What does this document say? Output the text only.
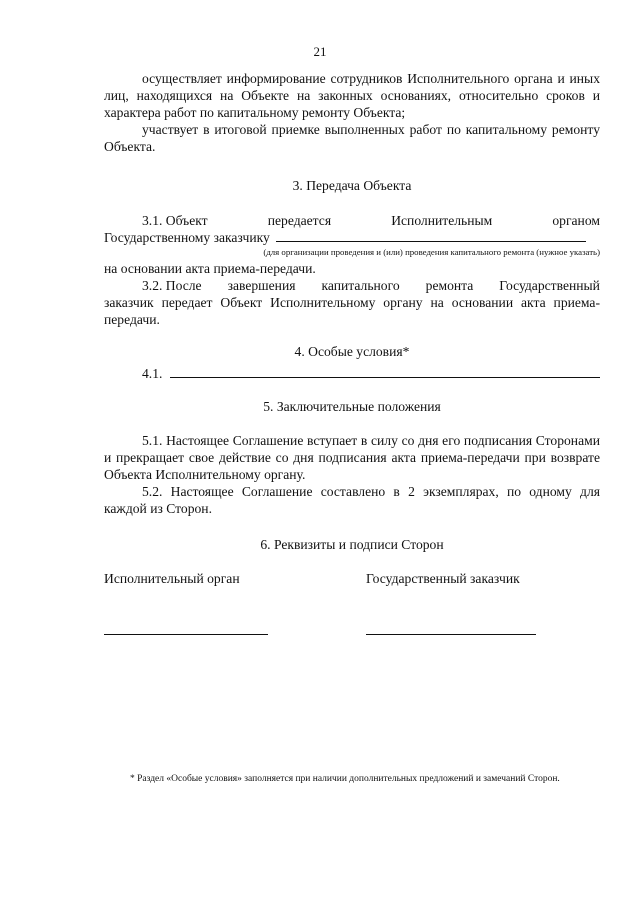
21

осуществляет информирование сотрудников Исполнительного органа и иных лиц, находящихся на Объекте на законных основаниях, относительно сроков и характера работ по капитальному ремонту Объекта;

участвует в итоговой приемке выполненных работ по капитальному ремонту Объекта.

3. Передача Объекта
3.1. Объект	передается	Исполнительным	органом
Государственному заказчику
(для организации проведения и (или) проведения капитального ремонта (нужное указать)

на основании акта приема-передачи.

3.2. После завершения капитального ремонта Государственный

заказчик передает Объект Исполнительному органу на основании акта приема-передачи.

4. Особые условия*
4.1.
5. Заключительные положения

5.1. Настоящее Соглашение вступает в силу со дня его подписания Сторонами и прекращает свое действие со дня подписания акта приема-передачи при возврате Объекта Исполнительному органу.

5.2. Настоящее Соглашение составлено в 2 экземплярах, по одному для каждой из Сторон.

6. Реквизиты и подписи Сторон
Исполнительный орган	Государственный заказчик

* Раздел «Особые условия» заполняется при наличии дополнительных предложений и замечаний Сторон.
